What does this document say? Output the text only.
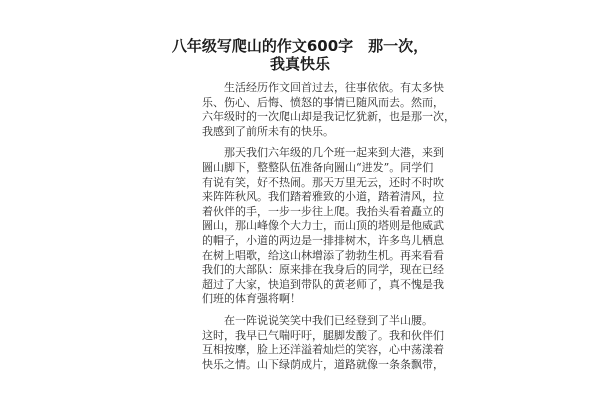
八年级写爬山的作文600字　那一次，
我真快乐
　　生活经历作文回首过去，往事依依。有太多快
乐、伤心、后悔、愤怒的事情已随风而去。然而，
六年级时的一次爬山却是我记忆犹新，也是那一次，
我感到了前所未有的快乐。
　　那天我们六年级的几个班一起来到大港，来到
圌山脚下，整整队伍准备向圌山“进发”。同学们
有说有笑，好不热闹。那天万里无云，还时不时吹
来阵阵秋风。我们踏着雅致的小道，踏着清风，拉
着伙伴的手，一步一步往上爬。我抬头看着矗立的
圌山，那山峰像个大力士，而山顶的塔则是他威武
的帽子，小道的两边是一排排树木，许多鸟儿栖息
在树上唱歌，给这山林增添了勃勃生机。再来看看
我们的大部队：原来排在我身后的同学，现在已经
超过了大家，快追到带队的黄老师了，真不愧是我
们班的体育强将啊！
　　在一阵说说笑笑中我们已经登到了半山腰。
这时，我早已气喘吁吁，腿脚发酸了。我和伙伴们
互相按摩，脸上还洋溢着灿烂的笑容，心中荡漾着
快乐之情。山下绿荫成片，道路就像一条条飘带，
